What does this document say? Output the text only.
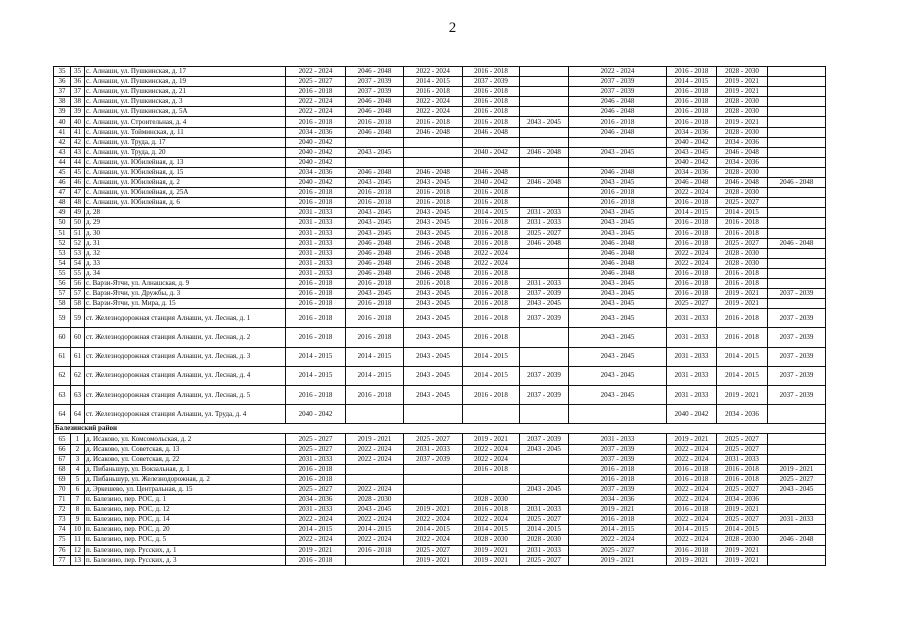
2
35	35	с. Алнаши, ул. Пушкинская, д. 17	2022 - 2024	2046 - 2048	2022 - 2024	2016 - 2018		2022 - 2024	2016 - 2018	2028 - 2030	
36	36	с. Алнаши, ул. Пушкинская, д. 19	2025 - 2027	2037 - 2039	2014 - 2015	2037 - 2039		2037 - 2039	2014 - 2015	2019 - 2021	
37	37	с. Алнаши, ул. Пушкинская, д. 21	2016 - 2018	2037 - 2039	2016 - 2018	2016 - 2018		2037 - 2039	2016 - 2018	2019 - 2021	
38	38	с. Алнаши, ул. Пушкинская, д. 3	2022 - 2024	2046 - 2048	2022 - 2024	2016 - 2018		2046 - 2048	2016 - 2018	2028 - 2030	
39	39	с. Алнаши, ул. Пушкинская, д. 5А	2022 - 2024	2046 - 2048	2022 - 2024	2016 - 2018		2046 - 2048	2016 - 2018	2028 - 2030	
40	40	с. Алнаши, ул. Строительная, д. 4	2016 - 2018	2016 - 2018	2016 - 2018	2016 - 2018	2043 - 2045	2016 - 2018	2016 - 2018	2019 - 2021	
41	41	с. Алнаши, ул. Тойминская, д. 11	2034 - 2036	2046 - 2048	2046 - 2048	2046 - 2048		2046 - 2048	2034 - 2036	2028 - 2030	
42	42	с. Алнаши, ул. Труда, д. 17	2040 - 2042						2040 - 2042	2034 - 2036	
43	43	с. Алнаши, ул. Труда, д. 20	2040 - 2042	2043 - 2045		2040 - 2042	2046 - 2048	2043 - 2045	2043 - 2045	2046 - 2048	
44	44	с. Алнаши, ул. Юбилейная, д. 13	2040 - 2042						2040 - 2042	2034 - 2036	
45	45	с. Алнаши, ул. Юбилейная, д. 15	2034 - 2036	2046 - 2048	2046 - 2048	2046 - 2048		2046 - 2048	2034 - 2036	2028 - 2030	
46	46	с. Алнаши, ул. Юбилейная, д. 2	2040 - 2042	2043 - 2045	2043 - 2045	2040 - 2042	2046 - 2048	2043 - 2045	2046 - 2048	2046 - 2048	2046 - 2048
47	47	с. Алнаши, ул. Юбилейная, д. 25А	2016 - 2018	2016 - 2018	2016 - 2018	2016 - 2018		2016 - 2018	2022 - 2024	2028 - 2030	
48	48	с. Алнаши, ул. Юбилейная, д. 6	2016 - 2018	2016 - 2018	2016 - 2018	2016 - 2018		2016 - 2018	2016 - 2018	2025 - 2027	
49	49	д. 28	2031 - 2033	2043 - 2045	2043 - 2045	2014 - 2015	2031 - 2033	2043 - 2045	2014 - 2015	2014 - 2015	
50	50	д. 29	2031 - 2033	2043 - 2045	2043 - 2045	2016 - 2018	2031 - 2033	2043 - 2045	2016 - 2018	2016 - 2018	
51	51	д. 30	2031 - 2033	2043 - 2045	2043 - 2045	2016 - 2018	2025 - 2027	2043 - 2045	2016 - 2018	2016 - 2018	
52	52	д. 31	2031 - 2033	2046 - 2048	2046 - 2048	2016 - 2018	2046 - 2048	2046 - 2048	2016 - 2018	2025 - 2027	2046 - 2048
53	53	д. 32	2031 - 2033	2046 - 2048	2046 - 2048	2022 - 2024		2046 - 2048	2022 - 2024	2028 - 2030	
54	54	д. 33	2031 - 2033	2046 - 2048	2046 - 2048	2022 - 2024		2046 - 2048	2022 - 2024	2028 - 2030	
55	55	д. 34	2031 - 2033	2046 - 2048	2046 - 2048	2016 - 2018		2046 - 2048	2016 - 2018	2016 - 2018	
56	56	с. Варзи-Ятчи, ул. Алнашская, д. 9	2016 - 2018	2016 - 2018	2016 - 2018	2016 - 2018	2031 - 2033	2043 - 2045	2016 - 2018	2016 - 2018	
57	57	с. Варзи-Ятчи, ул. Дружбы, д. 3	2016 - 2018	2043 - 2045	2043 - 2045	2016 - 2018	2037 - 2039	2043 - 2045	2016 - 2018	2019 - 2021	2037 - 2039
58	58	с. Варзи-Ятчи, ул. Мира, д. 15	2016 - 2018	2016 - 2018	2043 - 2045	2016 - 2018	2043 - 2045	2043 - 2045	2025 - 2027	2019 - 2021	
59	59	ст. Железнодорожная станция Алнаши, ул. Лесная, д. 1	2016 - 2018	2016 - 2018	2043 - 2045	2016 - 2018	2037 - 2039	2043 - 2045	2031 - 2033	2016 - 2018	2037 - 2039
60	60	ст. Железнодорожная станция Алнаши, ул. Лесная, д. 2	2016 - 2018	2016 - 2018	2043 - 2045	2016 - 2018		2043 - 2045	2031 - 2033	2016 - 2018	2037 - 2039
61	61	ст. Железнодорожная станция Алнаши, ул. Лесная, д. 3	2014 - 2015	2014 - 2015	2043 - 2045	2014 - 2015		2043 - 2045	2031 - 2033	2014 - 2015	2037 - 2039
62	62	ст. Железнодорожная станция Алнаши, ул. Лесная, д. 4	2014 - 2015	2014 - 2015	2043 - 2045	2014 - 2015	2037 - 2039	2043 - 2045	2031 - 2033	2014 - 2015	2037 - 2039
63	63	ст. Железнодорожная станция Алнаши, ул. Лесная, д. 5	2016 - 2018	2016 - 2018	2043 - 2045	2016 - 2018	2037 - 2039	2043 - 2045	2031 - 2033	2019 - 2021	2037 - 2039
64	64	ст. Железнодорожная станция Алнаши, ул. Труда, д. 4	2040 - 2042						2040 - 2042	2034 - 2036	
Балезинский район											
65	1	д. Исаково, ул. Комсомольская, д. 2	2025 - 2027	2019 - 2021	2025 - 2027	2019 - 2021	2037 - 2039	2031 - 2033	2019 - 2021	2025 - 2027	
66	2	д. Исаково, ул. Советская, д. 13	2025 - 2027	2022 - 2024	2031 - 2033	2022 - 2024	2043 - 2045	2037 - 2039	2022 - 2024	2025 - 2027	
67	3	д. Исаково, ул. Советская, д. 22	2031 - 2033	2022 - 2024	2037 - 2039	2022 - 2024		2037 - 2039	2022 - 2024	2031 - 2033	
68	4	д. Пибаньшур, ул. Вокзальная, д. 1	2016 - 2018			2016 - 2018		2016 - 2018	2016 - 2018	2016 - 2018	2019 - 2021
69	5	д. Пибаньшур, ул. Железнодорожная, д. 2	2016 - 2018					2016 - 2018	2016 - 2018	2016 - 2018	2025 - 2027
70	6	д. Эркешево, ул. Центральная, д. 15	2025 - 2027	2022 - 2024			2043 - 2045	2037 - 2039	2022 - 2024	2025 - 2027	2043 - 2045
71	7	п. Балезино, пер. РОС, д. 1	2034 - 2036	2028 - 2030		2028 - 2030		2034 - 2036	2022 - 2024	2034 - 2036	
72	8	п. Балезино, пер. РОС, д. 12	2031 - 2033	2043 - 2045	2019 - 2021	2016 - 2018	2031 - 2033	2019 - 2021	2016 - 2018	2019 - 2021	
73	9	п. Балезино, пер. РОС, д. 14	2022 - 2024	2022 - 2024	2022 - 2024	2022 - 2024	2025 - 2027	2016 - 2018	2022 - 2024	2025 - 2027	2031 - 2033
74	10	п. Балезино, пер. РОС, д. 20	2014 - 2015	2014 - 2015	2014 - 2015	2014 - 2015	2014 - 2015	2014 - 2015	2014 - 2015	2014 - 2015	
75	11	п. Балезино, пер. РОС, д. 5	2022 - 2024	2022 - 2024	2022 - 2024	2028 - 2030	2028 - 2030	2022 - 2024	2022 - 2024	2028 - 2030	2046 - 2048
76	12	п. Балезино, пер. Русских, д. 1	2019 - 2021	2016 - 2018	2025 - 2027	2019 - 2021	2031 - 2033	2025 - 2027	2016 - 2018	2019 - 2021	
77	13	п. Балезино, пер. Русских, д. 3	2016 - 2018		2019 - 2021	2019 - 2021	2025 - 2027	2019 - 2021	2019 - 2021	2019 - 2021	
